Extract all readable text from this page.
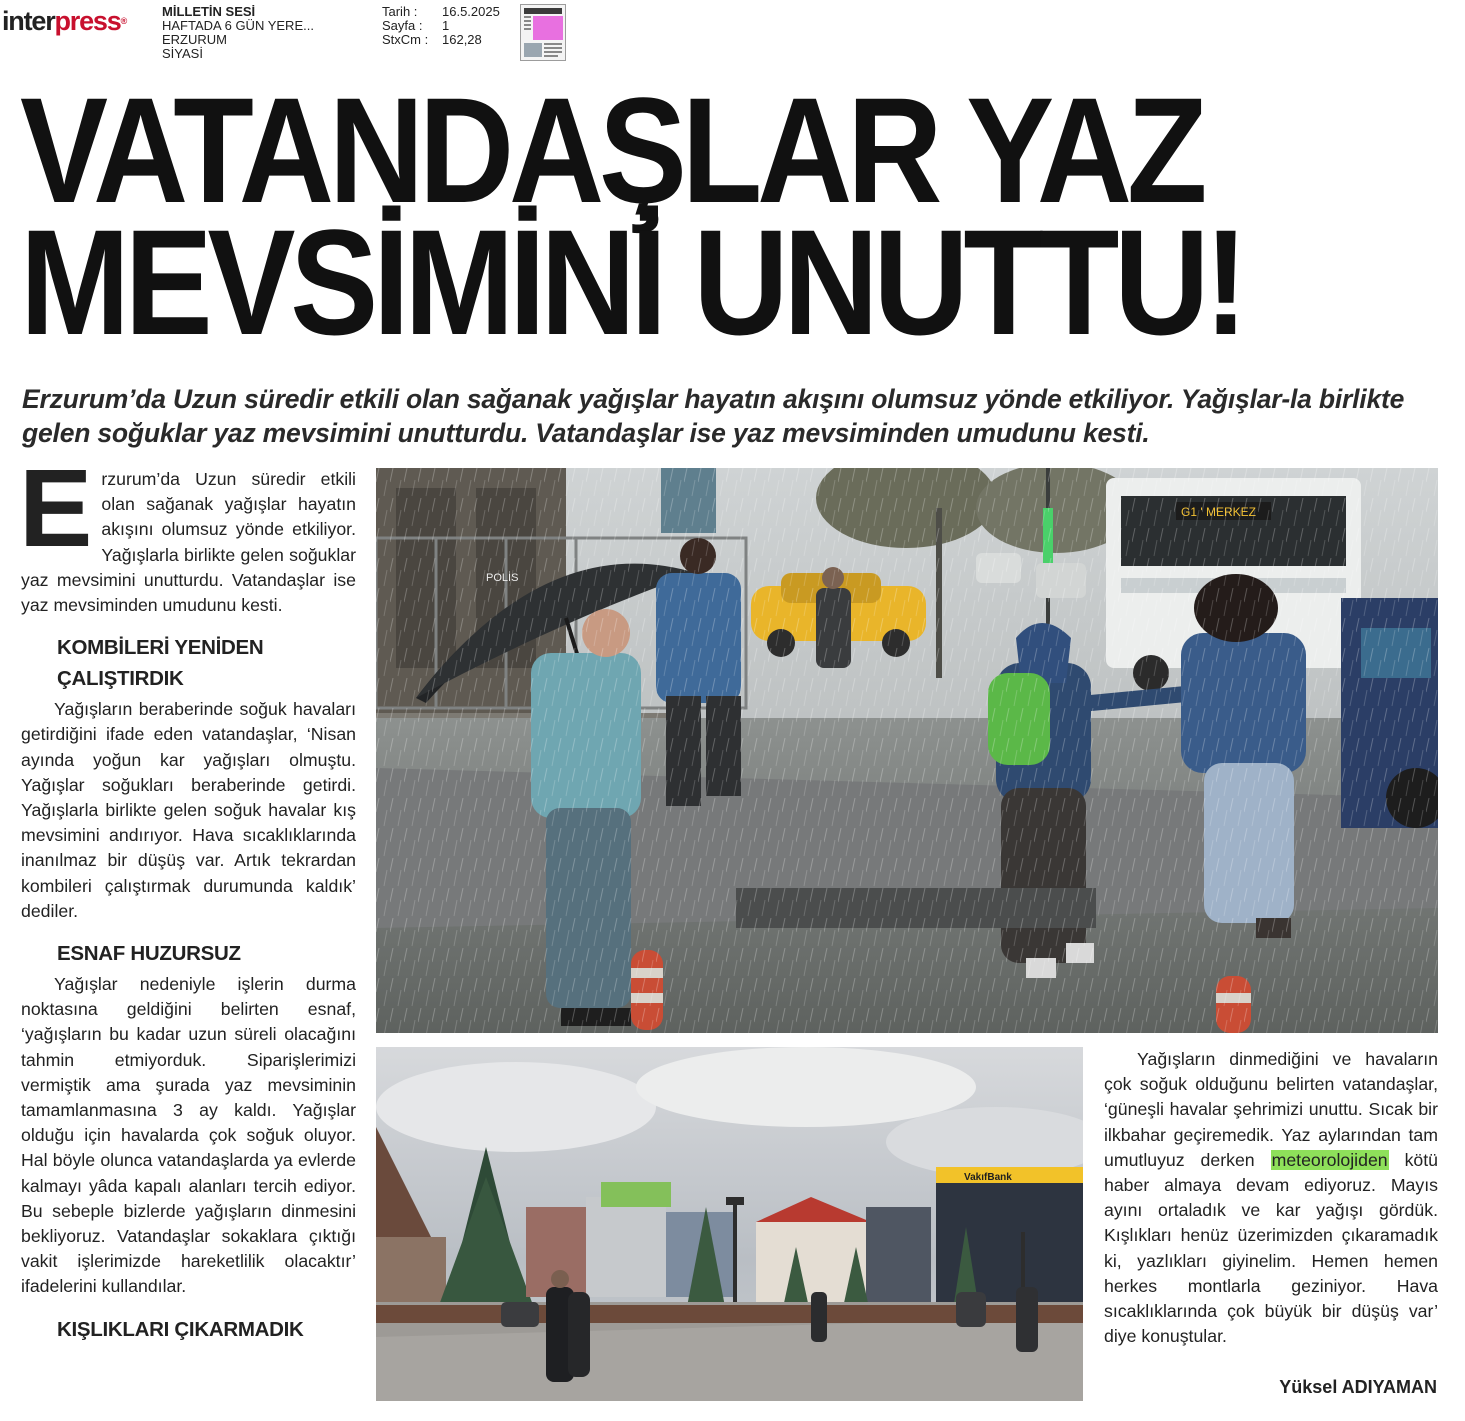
interpress®
MİLLETİN SESİ
HAFTADA 6 GÜN YERE...
ERZURUM
SİYASİ
Tarih :	16.5.2025
Sayfa :	1
StxCm :	162,28
VATANDAŞLAR YAZ
MEVSİMİNİ UNUTTU!
Erzurum’da Uzun süredir etkili olan sağanak yağışlar hayatın akışını olumsuz yönde etkiliyor. Yağışlar-la birlikte gelen soğuklar yaz mevsimini unutturdu. Vatandaşlar ise yaz mevsiminden umudunu kesti.

Erzurum’da Uzun süredir etkili olan sağanak yağışlar hayatın akışını olumsuz yönde etkiliyor. Yağışlarla birlikte gelen soğuklar yaz mevsimini unutturdu. Vatandaşlar ise yaz mevsiminden umudunu kesti.

KOMBİLERİ YENİDEN ÇALIŞTIRDIK

Yağışların beraberinde soğuk havaları getirdiğini ifade eden vatandaşlar, ‘Nisan ayında yoğun kar yağışları olmuştu. Yağışlar soğukları beraberinde getirdi. Yağışlarla birlikte gelen soğuk havalar kış mevsimini andırıyor. Hava sıcaklıklarında inanılmaz bir düşüş var. Artık tekrardan kombileri çalıştırmak durumunda kaldık’ dediler.

ESNAF HUZURSUZ

Yağışlar nedeniyle işlerin durma noktasına geldiğini belirten esnaf, ‘yağışların bu kadar uzun süreli olacağını tahmin etmiyorduk. Siparişlerimizi vermiştik ama şurada yaz mevsiminin tamamlanmasına 3 ay kaldı. Yağışlar olduğu için havalarda çok soğuk oluyor. Hal böyle olunca vatandaşlarda ya evlerde kalmayı yâda kapalı alanları tercih ediyor. Bu sebeple bizlerde yağışların dinmesini bekliyoruz. Vatandaşlar sokaklara çıktığı vakit işlerimizde hareketlilik olacaktır’ ifadelerini kullandılar.

KIŞLIKLARI ÇIKARMADIK
POLİS
VakıfBank

Yağışların dinmediğini ve havaların çok soğuk olduğunu belirten vatandaşlar, ‘güneşli havalar şehrimizi unuttu. Sıcak bir ilkbahar geçiremedik. Yaz aylarından tam umutluyuz derken meteorolojiden kötü haber almaya devam ediyoruz. Mayıs ayını ortaladık ve kar yağışı gördük. Kışlıkları henüz üzerimizden çıkaramadık ki, yazlıkları giyinelim. Hemen hemen herkes montlarla geziniyor. Hava sıcaklıklarında çok büyük bir düşüş var’ diye konuştular.

Yüksel ADIYAMAN
